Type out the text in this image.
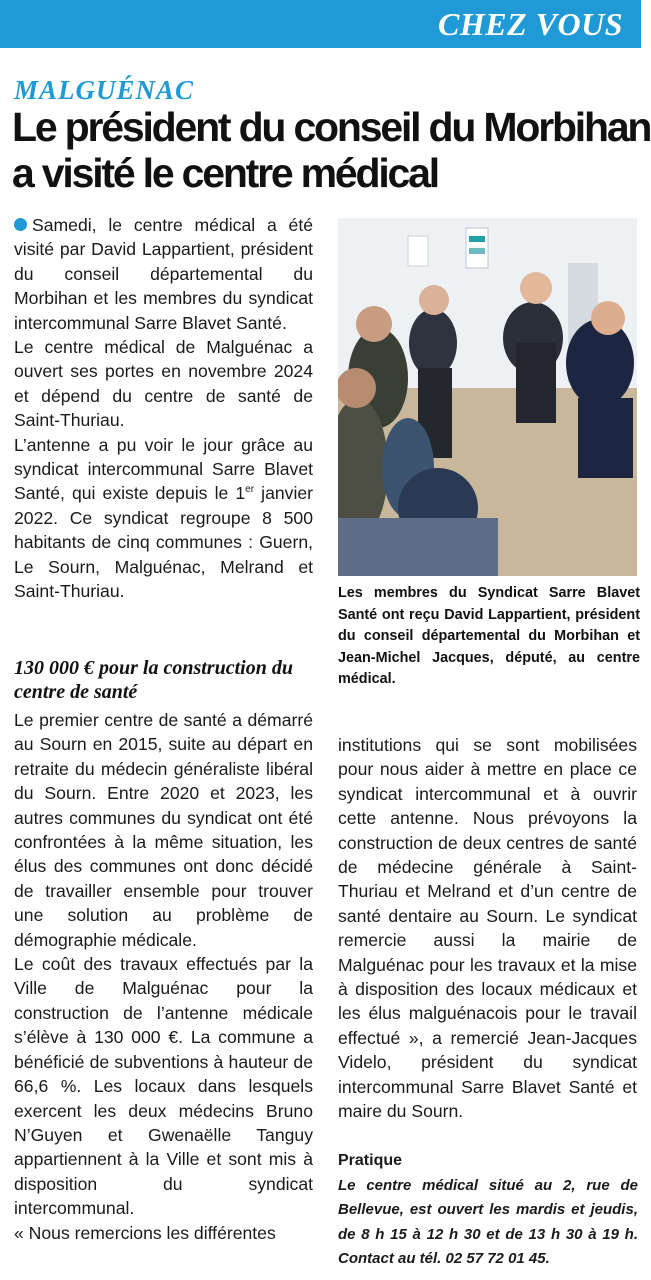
CHEZ VOUS
MALGUÉNAC
Le président du conseil du Morbihan
a visité le centre médical

Samedi, le centre médical a été visité par David Lappartient, président du conseil départemental du Morbihan et les membres du syndicat intercommunal Sarre Blavet Santé.

Le centre médical de Malguénac a ouvert ses portes en novembre 2024 et dépend du centre de santé de Saint-Thuriau.

L’antenne a pu voir le jour grâce au syndicat intercommunal Sarre Blavet Santé, qui existe depuis le 1er janvier 2022. Ce syndicat regroupe 8 500 habitants de cinq communes : Guern, Le Sourn, Malguénac, Melrand et Saint-Thuriau.

130 000 € pour la construction du centre de santé

Le premier centre de santé a démarré au Sourn en 2015, suite au départ en retraite du médecin généraliste libéral du Sourn. Entre 2020 et 2023, les autres communes du syndicat ont été confrontées à la même situation, les élus des communes ont donc décidé de travailler ensemble pour trouver une solution au problème de démographie médicale.

Le coût des travaux effectués par la Ville de Malguénac pour la construction de l’antenne médicale s’élève à 130 000 €. La commune a bénéficié de subventions à hauteur de 66,6 %. Les locaux dans lesquels exercent les deux médecins Bruno N’Guyen et Gwenaëlle Tanguy appartiennent à la Ville et sont mis à disposition du syndicat intercommunal.

« Nous remercions les différentes

Les membres du Syndicat Sarre Blavet Santé ont reçu David Lappartient, président du conseil départemental du Morbihan et Jean-Michel Jacques, député, au centre médical.

institutions qui se sont mobilisées pour nous aider à mettre en place ce syndicat intercommunal et à ouvrir cette antenne. Nous prévoyons la construction de deux centres de santé de médecine générale à Saint-Thuriau et Melrand et d’un centre de santé dentaire au Sourn. Le syndicat remercie aussi la mairie de Malguénac pour les travaux et la mise à disposition des locaux médicaux et les élus malguénacois pour le travail effectué », a remercié Jean-Jacques Videlo, président du syndicat intercommunal Sarre Blavet Santé et maire du Sourn.

Pratique
Le centre médical situé au 2, rue de Bellevue, est ouvert les mardis et jeudis, de 8 h 15 à 12 h 30 et de 13 h 30 à 19 h. Contact au tél. 02 57 72 01 45.
